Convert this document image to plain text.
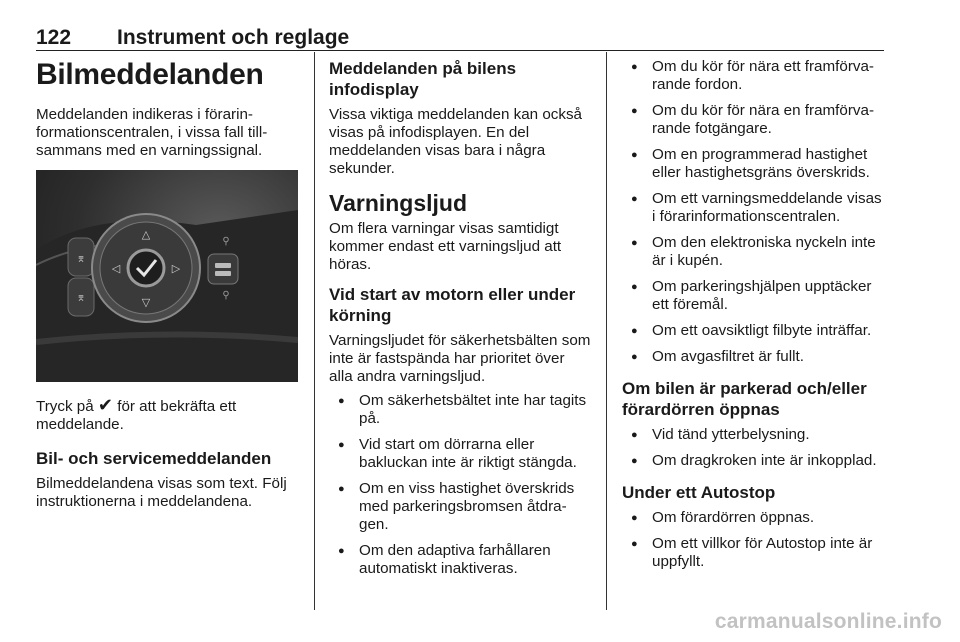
122 Instrument och reglage
Bilmeddelanden
Meddelanden indikeras i förarinformationscentralen, i vissa fall tillsammans med en varningssignal.
⌆
⌆
△
▽
◁	▷
⚲
⚲
Tryck på ✔ för att bekräfta ett meddelande.
Bil- och servicemeddelanden
Bilmeddelandena visas som text. Följ instruktionerna i meddelandena.
Meddelanden på bilens infodisplay
Vissa viktiga meddelanden kan också visas på infodisplayen. En del meddelanden visas bara i några sekunder.
Varningsljud
Om flera varningar visas samtidigt kommer endast ett varningsljud att höras.
Vid start av motorn eller under körning
Varningsljudet för säkerhetsbälten som inte är fastspända har prioritet över alla andra varningsljud.
● Om säkerhetsbältet inte har tagits på.
● Vid start om dörrarna eller bakluckan inte är riktigt stängda.
● Om en viss hastighet överskrids med parkeringsbromsen åtdragen.
● Om den adaptiva farhållaren automatiskt inaktiveras.
● Om du kör för nära ett framförvarande fordon.
● Om du kör för nära en framförvarande fotgängare.
● Om en programmerad hastighet eller hastighetsgräns överskrids.
● Om ett varningsmeddelande visas i förarinformationscentralen.
● Om den elektroniska nyckeln inte är i kupén.
● Om parkeringshjälpen upptäcker ett föremål.
● Om ett oavsiktligt filbyte inträffar.
● Om avgasfiltret är fullt.
Om bilen är parkerad och/eller förardörren öppnas
● Vid tänd ytterbelysning.
● Om dragkroken inte är inkopplad.
Under ett Autostop
● Om förardörren öppnas.
● Om ett villkor för Autostop inte är uppfyllt.
carmanualsonline.info
